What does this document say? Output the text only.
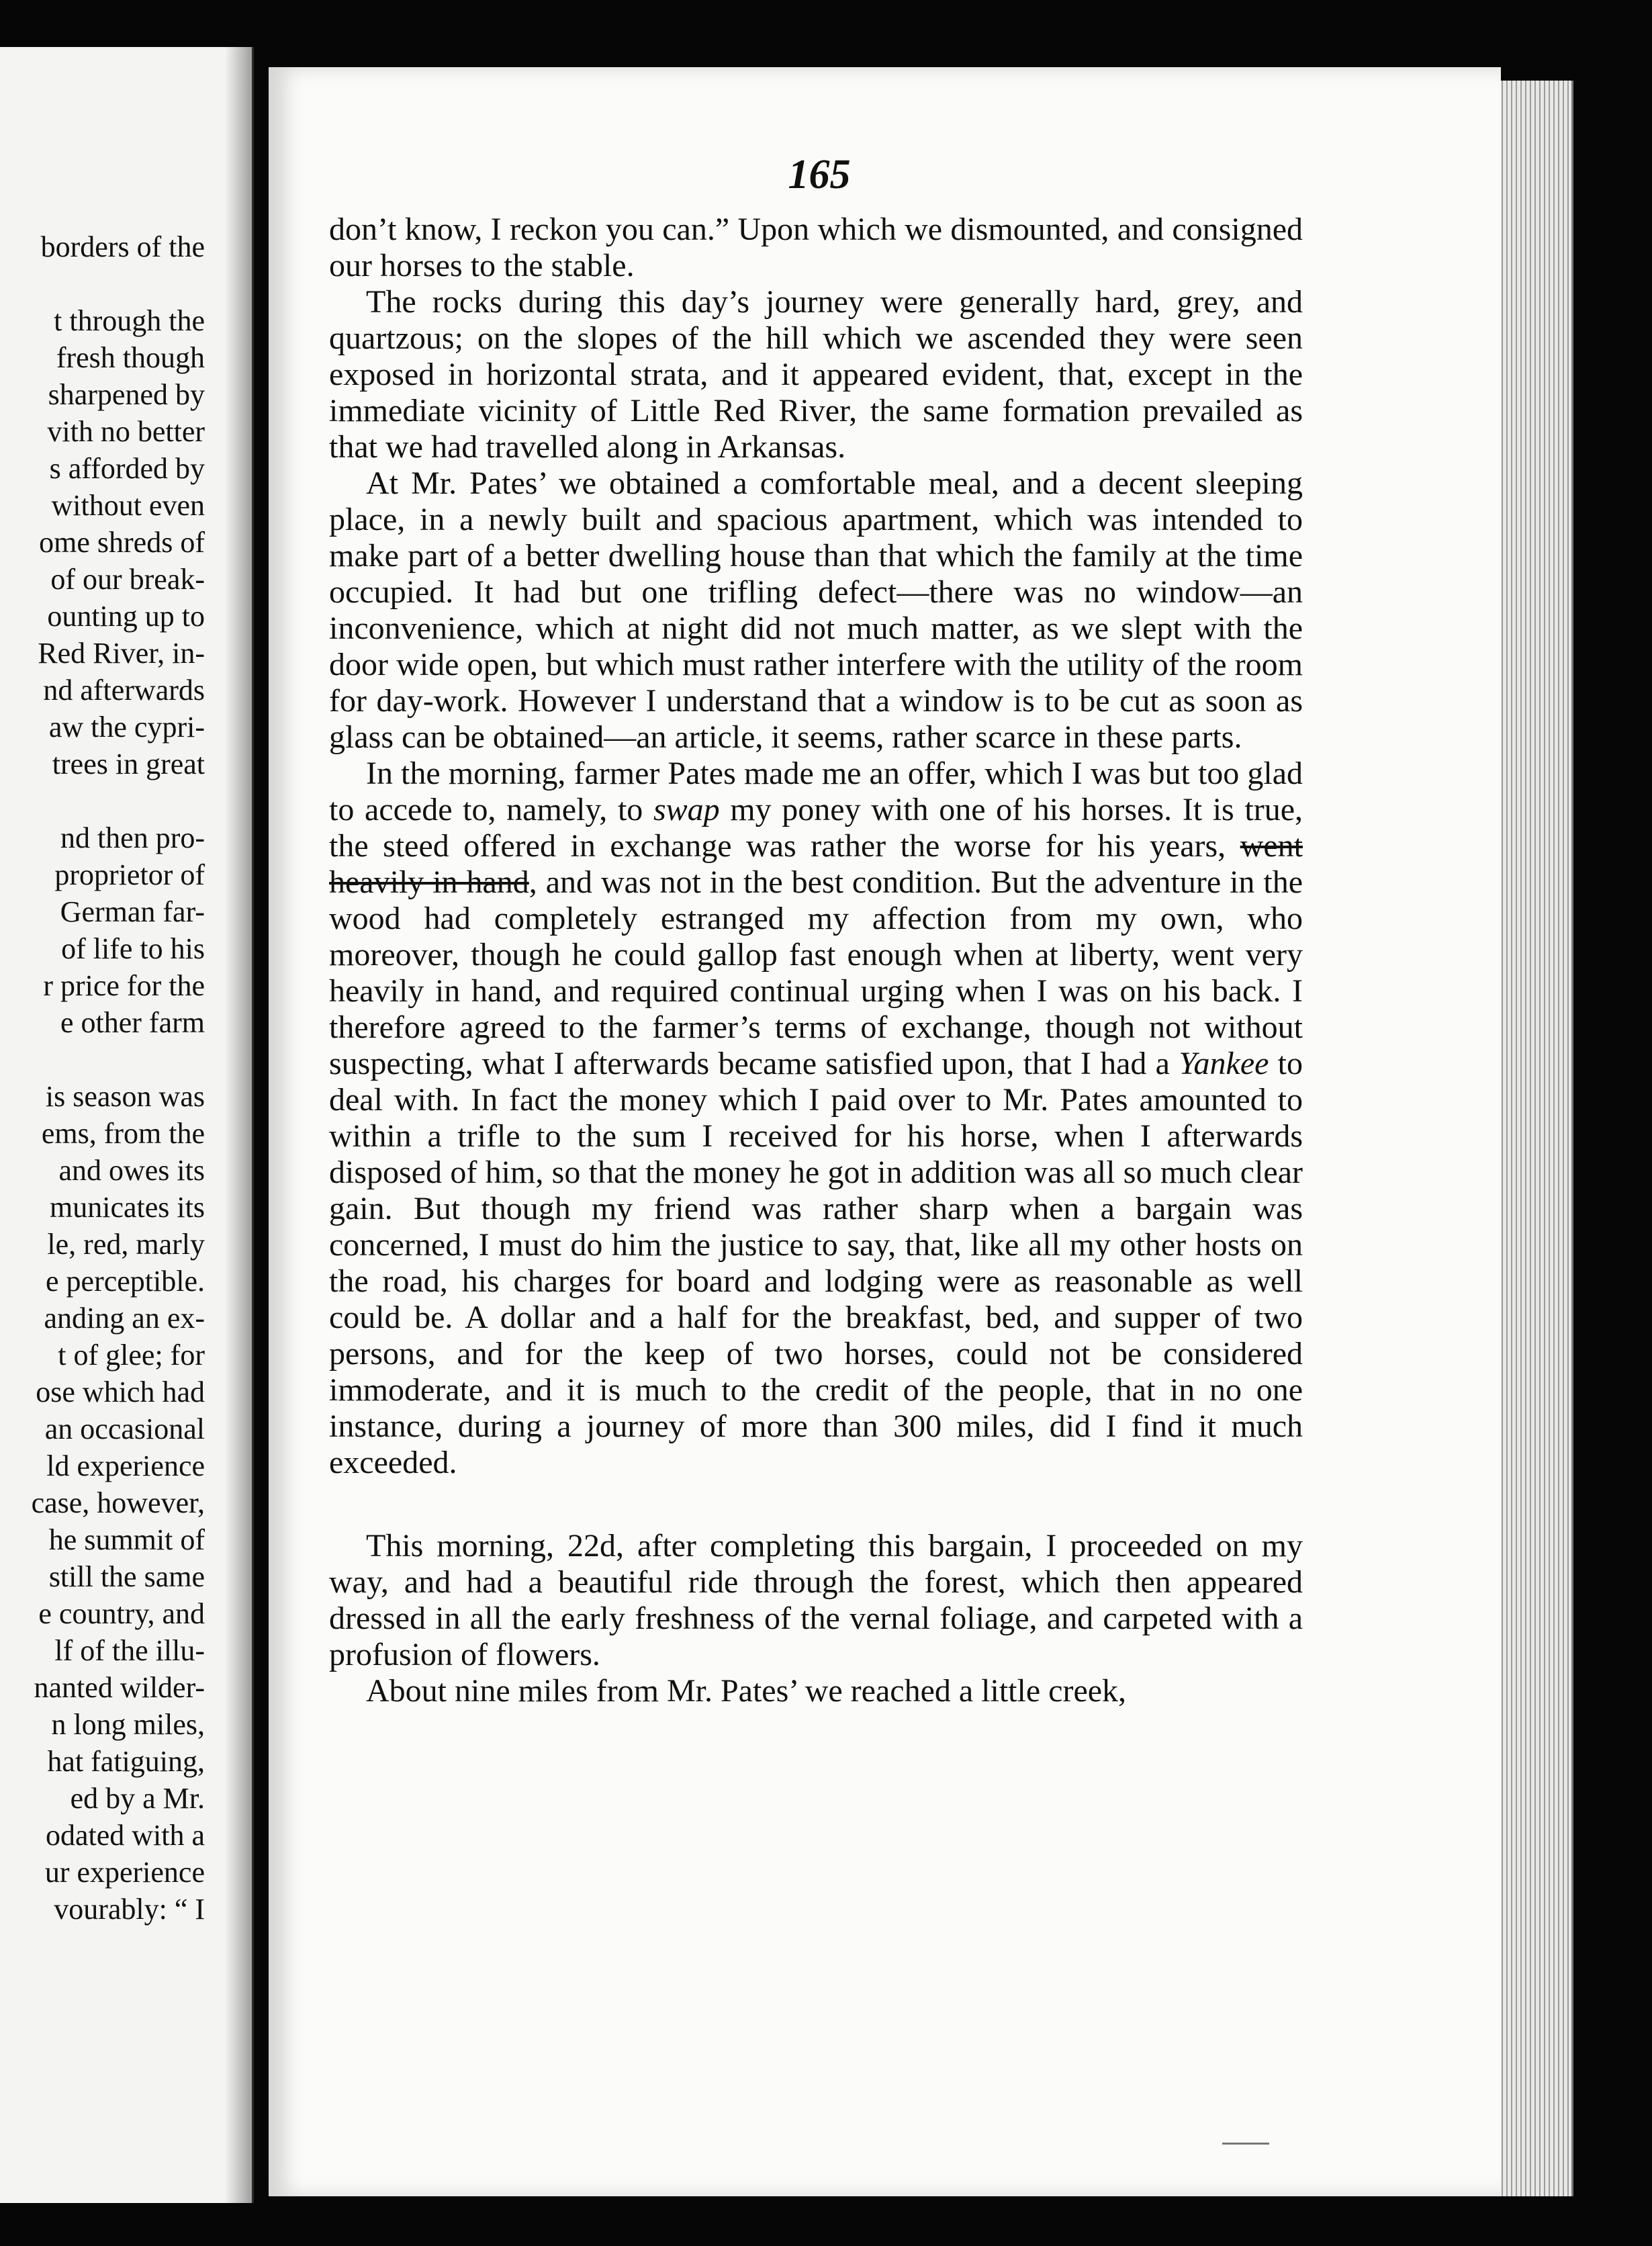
borders of the
t through the
fresh though
sharpened by
vith no better
s afforded by
without even
ome shreds of
of our break-
ounting up to
Red River, in-
nd afterwards
aw the cypri-
trees in great
nd then pro-
proprietor of
German far-
of life to his
r price for the
e other farm
is season was
ems, from the
and owes its
municates its
le, red, marly
e perceptible.
anding an ex-
t of glee; for
ose which had
an occasional
ld experience
case, however,
he summit of
still the same
e country, and
lf of the illu-
nanted wilder-
n long miles,
hat fatiguing,
ed by a Mr.
odated with a
ur experience
vourably: “ I
165

don’t know, I reckon you can.” Upon which we dismounted, and consigned our horses to the stable.

The rocks during this day’s journey were generally hard, grey, and quartzous; on the slopes of the hill which we ascended they were seen exposed in horizontal strata, and it appeared evident, that, except in the immediate vicinity of Little Red River, the same formation prevailed as that we had travelled along in Arkansas.

At Mr. Pates’ we obtained a comfortable meal, and a decent sleeping place, in a newly built and spacious apartment, which was intended to make part of a better dwelling house than that which the family at the time occupied. It had but one trifling defect—there was no window—an inconvenience, which at night did not much matter, as we slept with the door wide open, but which must rather interfere with the utility of the room for day-work. However I understand that a window is to be cut as soon as glass can be obtained—an article, it seems, rather scarce in these parts.

In the morning, farmer Pates made me an offer, which I was but too glad to accede to, namely, to swap my poney with one of his horses. It is true, the steed offered in exchange was rather the worse for his years, went heavily in hand, and was not in the best condition. But the adventure in the wood had completely estranged my affection from my own, who moreover, though he could gallop fast enough when at liberty, went very heavily in hand, and required continual urging when I was on his back. I therefore agreed to the farmer’s terms of exchange, though not without suspecting, what I afterwards became satisfied upon, that I had a Yankee to deal with. In fact the money which I paid over to Mr. Pates amounted to within a trifle to the sum I received for his horse, when I afterwards disposed of him, so that the money he got in addition was all so much clear gain. But though my friend was rather sharp when a bargain was concerned, I must do him the justice to say, that, like all my other hosts on the road, his charges for board and lodging were as reasonable as well could be. A dollar and a half for the breakfast, bed, and supper of two persons, and for the keep of two horses, could not be considered immoderate, and it is much to the credit of the people, that in no one instance, during a journey of more than 300 miles, did I find it much exceeded.

This morning, 22d, after completing this bargain, I proceeded on my way, and had a beautiful ride through the forest, which then appeared dressed in all the early freshness of the vernal foliage, and carpeted with a profusion of flowers.

About nine miles from Mr. Pates’ we reached a little creek,
